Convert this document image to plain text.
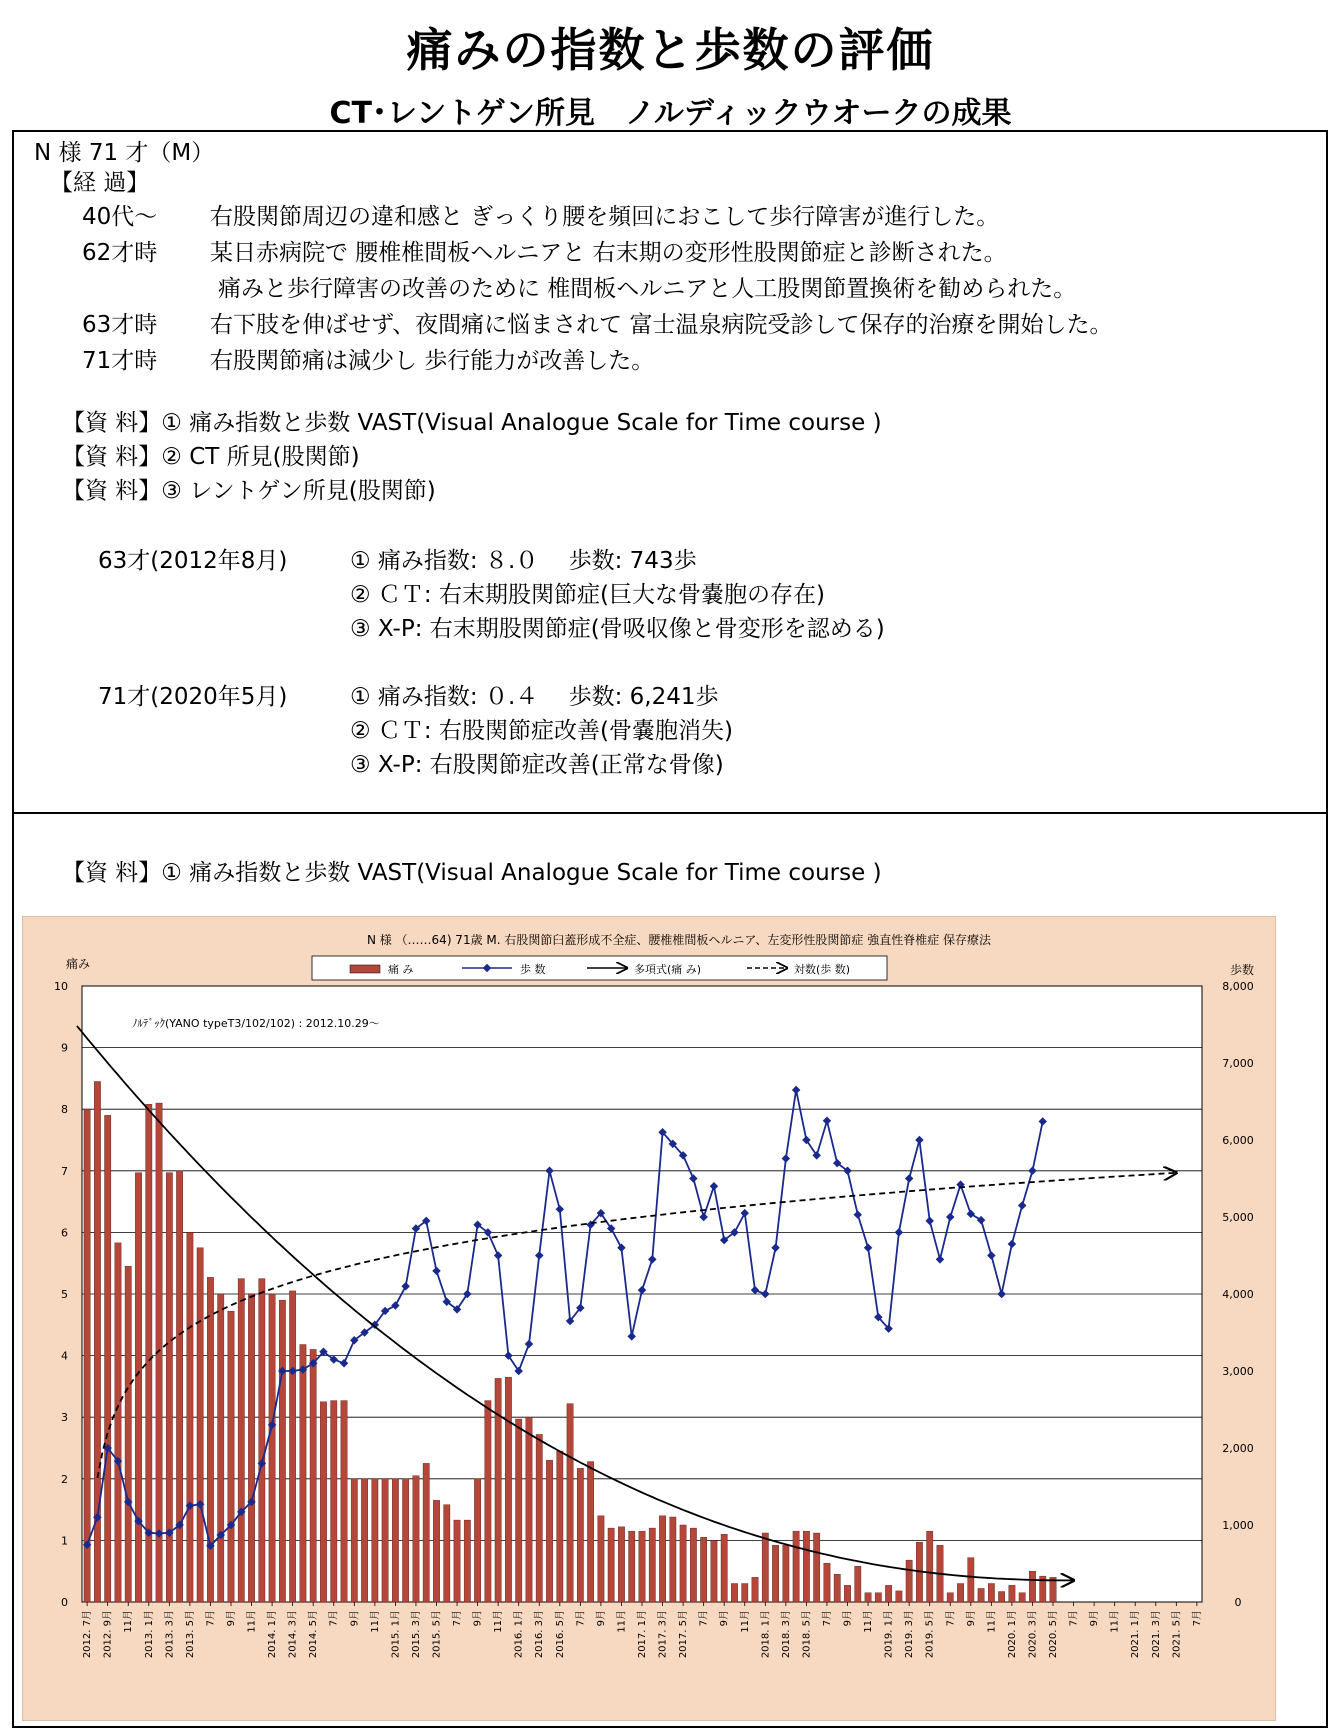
痛みの指数と歩数の評価
CT･レントゲン所見　ノルディックウオークの成果
N 様 71 才（M）
【経 過】
40代～ 右股関節周辺の違和感と ぎっくり腰を頻回におこして歩行障害が進行した。
62才時 某日赤病院で 腰椎椎間板ヘルニアと 右末期の変形性股関節症と診断された。
痛みと歩行障害の改善のために 椎間板ヘルニアと人工股関節置換術を勧められた。
63才時 右下肢を伸ばせず、夜間痛に悩まされて 富士温泉病院受診して保存的治療を開始した。
71才時 右股関節痛は減少し 歩行能力が改善した。
【資 料】① 痛み指数と歩数 VAST(Visual Analogue Scale for Time course )
【資 料】② CT 所見(股関節)
【資 料】③ レントゲン所見(股関節)
63才(2012年8月)	① 痛み指数: ８.０　 歩数: 743歩
② ＣＴ: 右末期股関節症(巨大な骨嚢胞の存在)
③ X-P: 右末期股関節症(骨吸収像と骨変形を認める)
71才(2020年5月)	① 痛み指数: ０.４　 歩数: 6,241歩
② ＣＴ: 右股関節症改善(骨嚢胞消失)
③ X-P: 右股関節症改善(正常な骨像)
【資 料】① 痛み指数と歩数 VAST(Visual Analogue Scale for Time course )
0
1
2
3
4
5
6
7
8
9
10
0
1,000
2,000
3,000
4,000
5,000
6,000
7,000
8,000
痛み	歩数
N 様 （……64) 71歳 M. 右股関節臼蓋形成不全症、腰椎椎間板ヘルニア、左変形性股関節症 強直性脊椎症 保存療法
痛 み	歩 数	多項式(痛 み)	対数(歩 数)
ﾉﾙﾃﾞｯｸ(YANO typeT3/102/102) : 2012.10.29～
2012. 7月 2012. 9月 11月 2013. 1月 2013. 3月 2013. 5月 7月 9月 11月 2014. 1月 2014. 3月 2014. 5月 7月 9月 11月 2015. 1月 2015. 3月 2015. 5月 7月 9月 11月 2016. 1月 2016. 3月 2016. 5月 7月 9月 11月 2017. 1月 2017. 3月 2017. 5月 7月 9月 11月 2018. 1月 2018. 3月 2018. 5月 7月 9月 11月 2019. 1月 2019. 3月 2019. 5月 7月 9月 11月 2020. 1月 2020. 3月 2020. 5月 7月 9月 11月 2021. 1月 2021. 3月 2021. 5月 7月
